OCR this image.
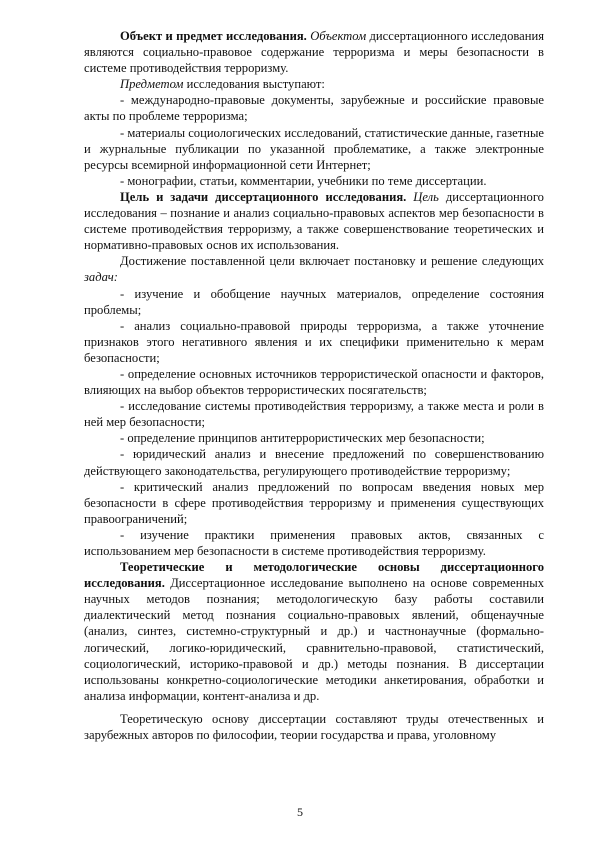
Объект и предмет исследования. Объектом диссертационного исследования являются социально-правовое содержание терроризма и меры безопасности в системе противодействия терроризму.

Предметом исследования выступают:

- международно-правовые документы, зарубежные и российские правовые акты по проблеме терроризма;

- материалы социологических исследований, статистические данные, газетные и журнальные публикации по указанной проблематике, а также электронные ресурсы всемирной информационной сети Интернет;

- монографии, статьи, комментарии, учебники по теме диссертации.

Цель и задачи диссертационного исследования. Цель диссертационного исследования – познание и анализ социально-правовых аспектов мер безопасности в системе противодействия терроризму, а также совершенствование теоретических и нормативно-правовых основ их использования.

Достижение поставленной цели включает постановку и решение следующих задач:

- изучение и обобщение научных материалов, определение состояния проблемы;

- анализ социально-правовой природы терроризма, а также уточнение признаков этого негативного явления и их специфики применительно к мерам безопасности;

- определение основных источников террористической опасности и факторов, влияющих на выбор объектов террористических посягательств;

- исследование системы противодействия терроризму, а также места и роли в ней мер безопасности;

- определение принципов антитеррористических мер безопасности;

- юридический анализ и внесение предложений по совершенствованию действующего законодательства, регулирующего противодействие терроризму;

- критический анализ предложений по вопросам введения новых мер безопасности в сфере противодействия терроризму и применения существующих правоограничений;

- изучение практики применения правовых актов, связанных с использованием мер безопасности в системе противодействия терроризму.

Теоретические и методологические основы диссертационного исследования. Диссертационное исследование выполнено на основе современных научных методов познания; методологическую базу работы составили диалектический метод познания социально-правовых явлений, общенаучные (анализ, синтез, системно-структурный и др.) и частнонаучные (формально-логический, логико-юридический, сравнительно-правовой, статистический, социологический, историко-правовой и др.) методы познания. В диссертации использованы конкретно-социологические методики анкетирования, обработки и анализа информации, контент-анализа и др.

Теоретическую основу диссертации составляют труды отечественных и зарубежных авторов по философии, теории государства и права, уголовному

5
